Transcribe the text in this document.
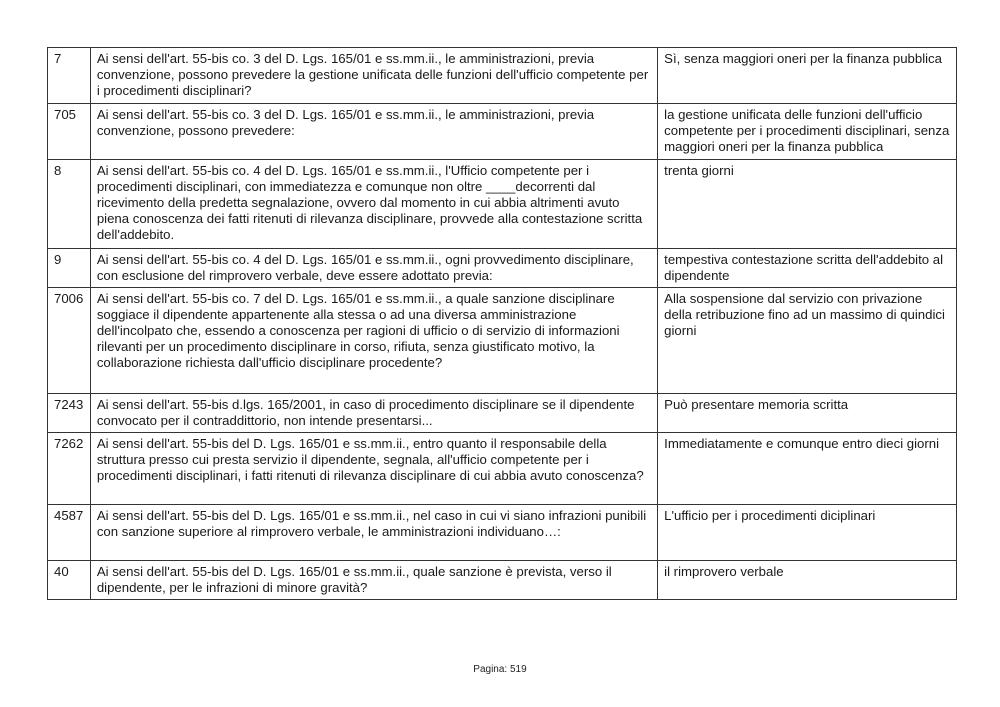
7	Ai sensi dell'art. 55-bis co. 3 del D. Lgs. 165/01 e ss.mm.ii., le amministrazioni, previa convenzione, possono prevedere la gestione unificata delle funzioni dell'ufficio competente per i procedimenti disciplinari?	Sì, senza maggiori oneri per la finanza pubblica
705	Ai sensi dell'art. 55-bis co. 3 del D. Lgs. 165/01 e ss.mm.ii., le amministrazioni, previa convenzione, possono prevedere:	la gestione unificata delle funzioni dell'ufficio competente per i procedimenti disciplinari, senza maggiori oneri per la finanza pubblica
8	Ai sensi dell'art. 55-bis co. 4 del D. Lgs. 165/01 e ss.mm.ii., l'Ufficio competente per i procedimenti disciplinari, con immediatezza e comunque non oltre ____decorrenti dal ricevimento della predetta segnalazione, ovvero dal momento in cui abbia altrimenti avuto piena conoscenza dei fatti ritenuti di rilevanza disciplinare, provvede alla contestazione scritta dell'addebito.	trenta giorni
9	Ai sensi dell'art. 55-bis co. 4 del D. Lgs. 165/01 e ss.mm.ii., ogni provvedimento disciplinare, con esclusione del rimprovero verbale, deve essere adottato previa:	tempestiva contestazione scritta dell'addebito al dipendente
7006	Ai sensi dell'art. 55-bis co. 7 del D. Lgs. 165/01 e ss.mm.ii., a quale sanzione disciplinare soggiace il dipendente appartenente alla stessa o ad una diversa amministrazione dell'incolpato che, essendo a conoscenza per ragioni di ufficio o di servizio di informazioni rilevanti per un procedimento disciplinare in corso, rifiuta, senza giustificato motivo, la collaborazione richiesta dall'ufficio disciplinare procedente?	Alla sospensione dal servizio con privazione della retribuzione fino ad un massimo di quindici giorni
7243	Ai sensi dell'art. 55-bis d.lgs. 165/2001, in caso di procedimento disciplinare se il dipendente convocato per il contraddittorio, non intende presentarsi...	Può presentare memoria scritta
7262	Ai sensi dell'art. 55-bis del D. Lgs. 165/01 e ss.mm.ii., entro quanto il responsabile della struttura presso cui presta servizio il dipendente, segnala, all'ufficio competente per i procedimenti disciplinari, i fatti ritenuti di rilevanza disciplinare di cui abbia avuto conoscenza?	Immediatamente e comunque entro dieci giorni
4587	Ai sensi dell'art. 55-bis del D. Lgs. 165/01 e ss.mm.ii., nel caso in cui vi siano infrazioni punibili con sanzione superiore al rimprovero verbale, le amministrazioni individuano…:	L'ufficio per i procedimenti diciplinari
40	Ai sensi dell'art. 55-bis del D. Lgs. 165/01 e ss.mm.ii., quale sanzione è prevista, verso il dipendente, per le infrazioni di minore gravità?	il rimprovero verbale
Pagina: 519
